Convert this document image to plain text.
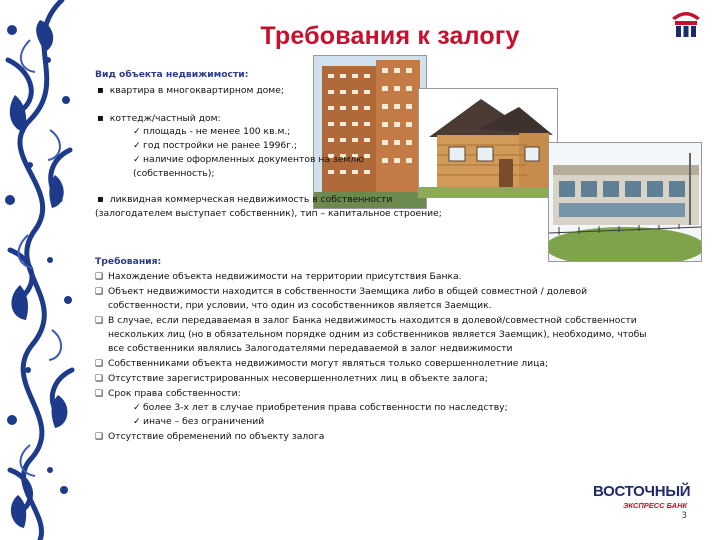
Требования к залогу
Вид объекта недвижимости:
▪ квартира в многоквартирном доме;
▪ коттедж/частный дом:
✓ площадь - не менее 100 кв.м.;
✓ год постройки не ранее 1996г.;
✓ наличие оформленных документов на землю
(собственность);
▪ ликвидная коммерческая недвижимость в собственности
(залогодателем выступает собственник), тип – капитальное строение;
Требования:
❑ Нахождение объекта недвижимости на территории присутствия Банка.
❑ Объект недвижимости находится в собственности Заемщика либо в общей совместной / долевой
собственности, при условии, что один из сособственников является Заемщик.
❑ В случае, если передаваемая в залог Банка недвижимость находится в долевой/совместной собственности
нескольких лиц (но в обязательном порядке одним из собственников является Заемщик), необходимо, чтобы
все собственники являлись Залогодателями передаваемой в залог недвижимости
❑ Собственниками объекта недвижимости могут являться только совершеннолетние лица;
❑ Отсутствие зарегистрированных несовершеннолетних лиц в объекте залога;
❑ Срок права собственности:
✓ более 3-х лет в случае приобретения права собственности по наследству;
✓ иначе – без ограничений
❑ Отсутствие обременений по объекту залога
ВОСТОЧНЫЙ
ЭКСПРЕСС БАНК
3
